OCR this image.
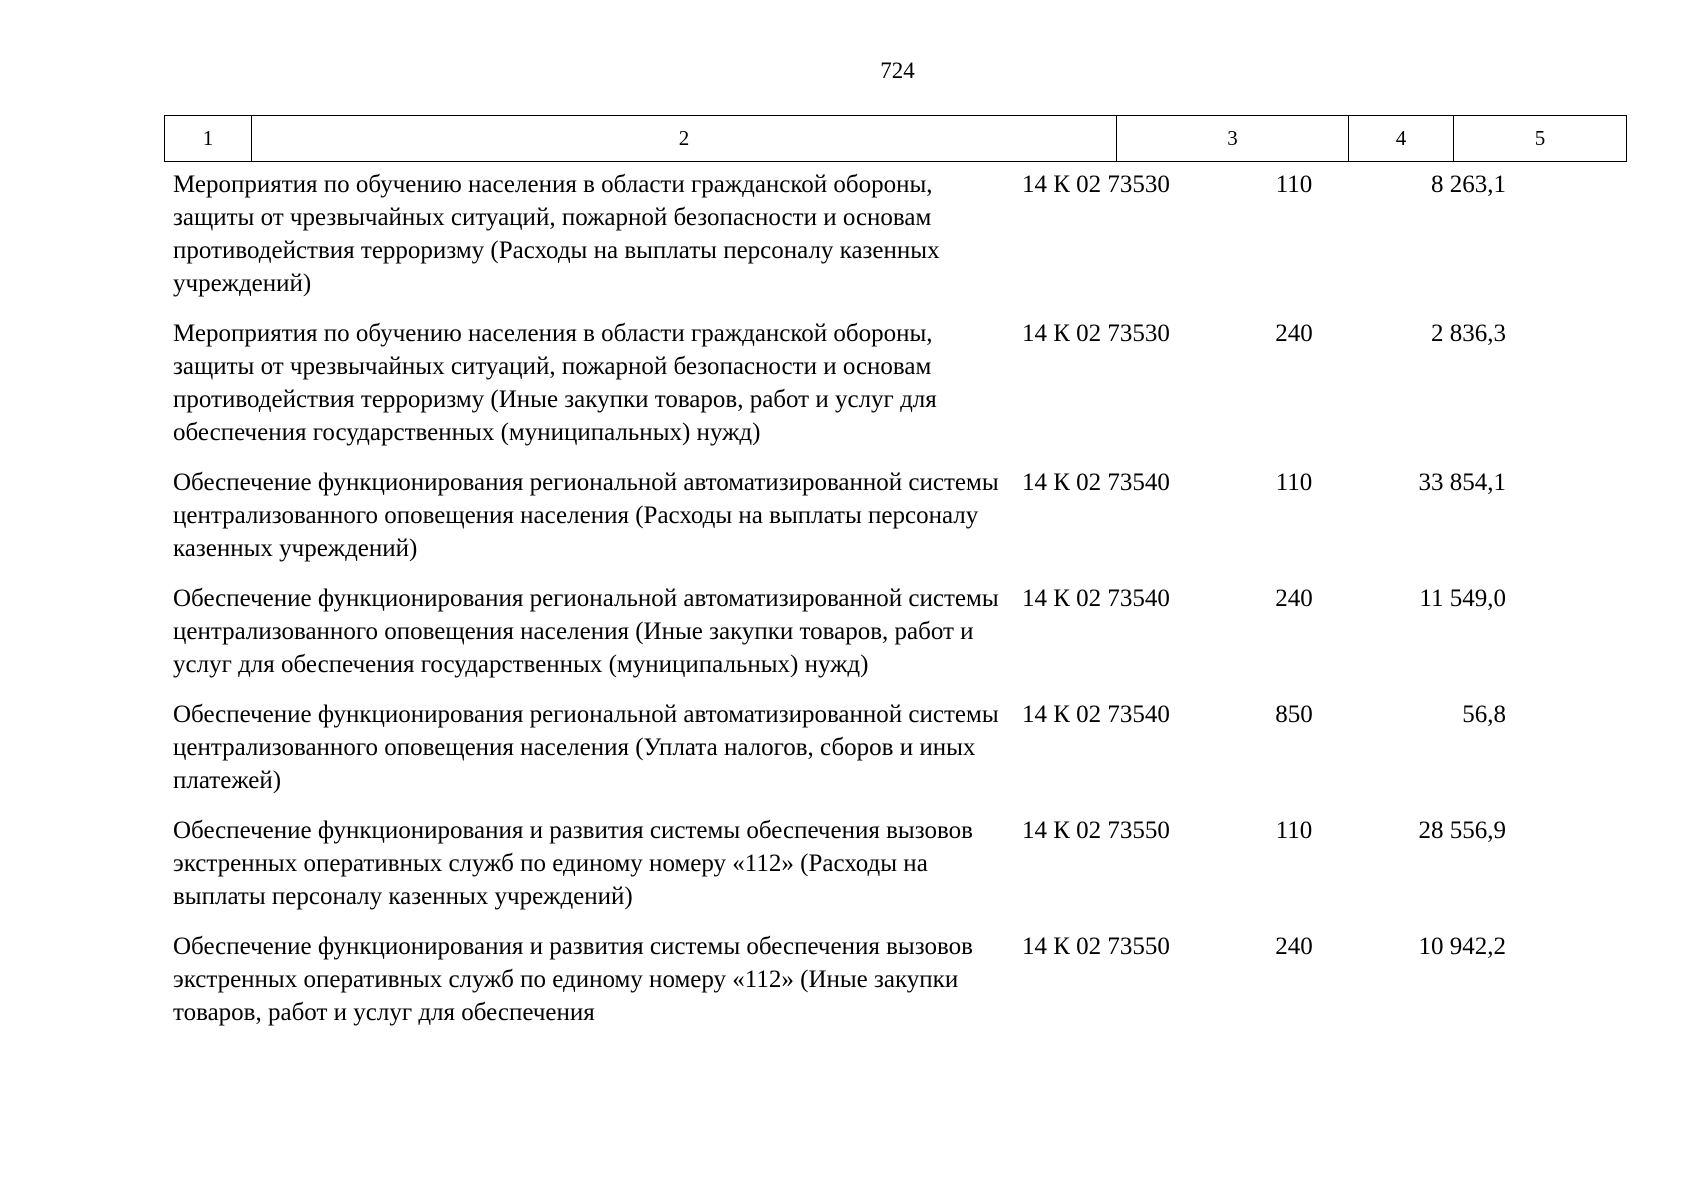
724
1	2	3	4	5
Мероприятия по обучению населения в области гражданской обороны, защиты от чрезвычайных ситуаций, пожарной безопасности и основам противодействия терроризму (Расходы на выплаты персоналу казенных учреждений)
14 К 02 73530	110	8 263,1
Мероприятия по обучению населения в области гражданской обороны, защиты от чрезвычайных ситуаций, пожарной безопасности и основам противодействия терроризму (Иные закупки товаров, работ и услуг для обеспечения государственных (муниципальных) нужд)
14 К 02 73530	240	2 836,3
Обеспечение функционирования региональной автоматизированной системы централизованного оповещения населения (Расходы на выплаты персоналу казенных учреждений)
14 К 02 73540	110	33 854,1
Обеспечение функционирования региональной автоматизированной системы централизованного оповещения населения (Иные закупки товаров, работ и услуг для обеспечения государственных (муниципальных) нужд)
14 К 02 73540	240	11 549,0
Обеспечение функционирования региональной автоматизированной системы централизованного оповещения населения (Уплата налогов, сборов и иных платежей)
14 К 02 73540	850	56,8
Обеспечение функционирования и развития системы обеспечения вызовов экстренных оперативных служб по единому номеру «112» (Расходы на выплаты персоналу казенных учреждений)
14 К 02 73550	110	28 556,9
Обеспечение функционирования и развития системы обеспечения вызовов экстренных оперативных служб по единому номеру «112» (Иные закупки товаров, работ и услуг для обеспечения
14 К 02 73550	240	10 942,2
